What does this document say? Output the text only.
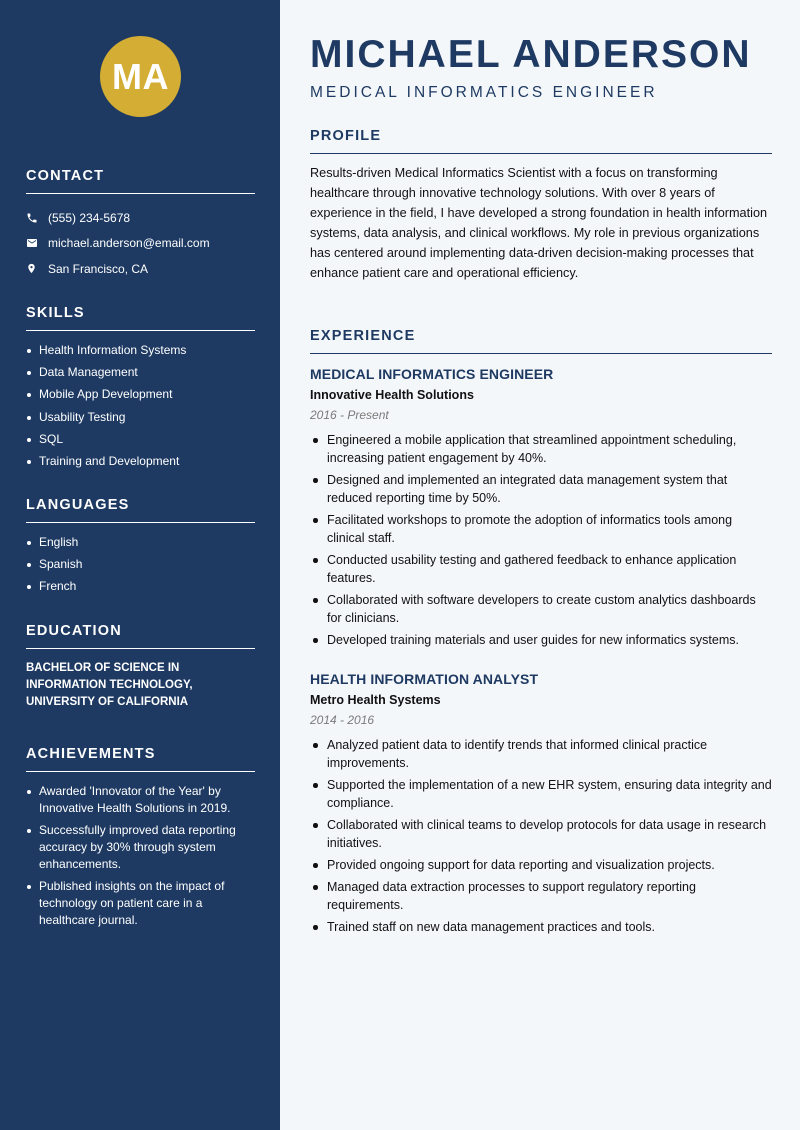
MA
CONTACT
(555) 234-5678
michael.anderson@email.com
San Francisco, CA
SKILLS
Health Information Systems
Data Management
Mobile App Development
Usability Testing
SQL
Training and Development
LANGUAGES
English
Spanish
French
EDUCATION

BACHELOR OF SCIENCE IN INFORMATION TECHNOLOGY, UNIVERSITY OF CALIFORNIA

ACHIEVEMENTS
Awarded 'Innovator of the Year' by Innovative Health Solutions in 2019.
Successfully improved data reporting accuracy by 30% through system enhancements.
Published insights on the impact of technology on patient care in a healthcare journal.
MICHAEL ANDERSON
MEDICAL INFORMATICS ENGINEER
PROFILE

Results-driven Medical Informatics Scientist with a focus on transforming healthcare through innovative technology solutions. With over 8 years of experience in the field, I have developed a strong foundation in health information systems, data analysis, and clinical workflows. My role in previous organizations has centered around implementing data-driven decision-making processes that enhance patient care and operational efficiency.

EXPERIENCE
MEDICAL INFORMATICS ENGINEER
Innovative Health Solutions
2016 - Present
Engineered a mobile application that streamlined appointment scheduling, increasing patient engagement by 40%.
Designed and implemented an integrated data management system that reduced reporting time by 50%.
Facilitated workshops to promote the adoption of informatics tools among clinical staff.
Conducted usability testing and gathered feedback to enhance application features.
Collaborated with software developers to create custom analytics dashboards for clinicians.
Developed training materials and user guides for new informatics systems.
HEALTH INFORMATION ANALYST
Metro Health Systems
2014 - 2016
Analyzed patient data to identify trends that informed clinical practice improvements.
Supported the implementation of a new EHR system, ensuring data integrity and compliance.
Collaborated with clinical teams to develop protocols for data usage in research initiatives.
Provided ongoing support for data reporting and visualization projects.
Managed data extraction processes to support regulatory reporting requirements.
Trained staff on new data management practices and tools.
